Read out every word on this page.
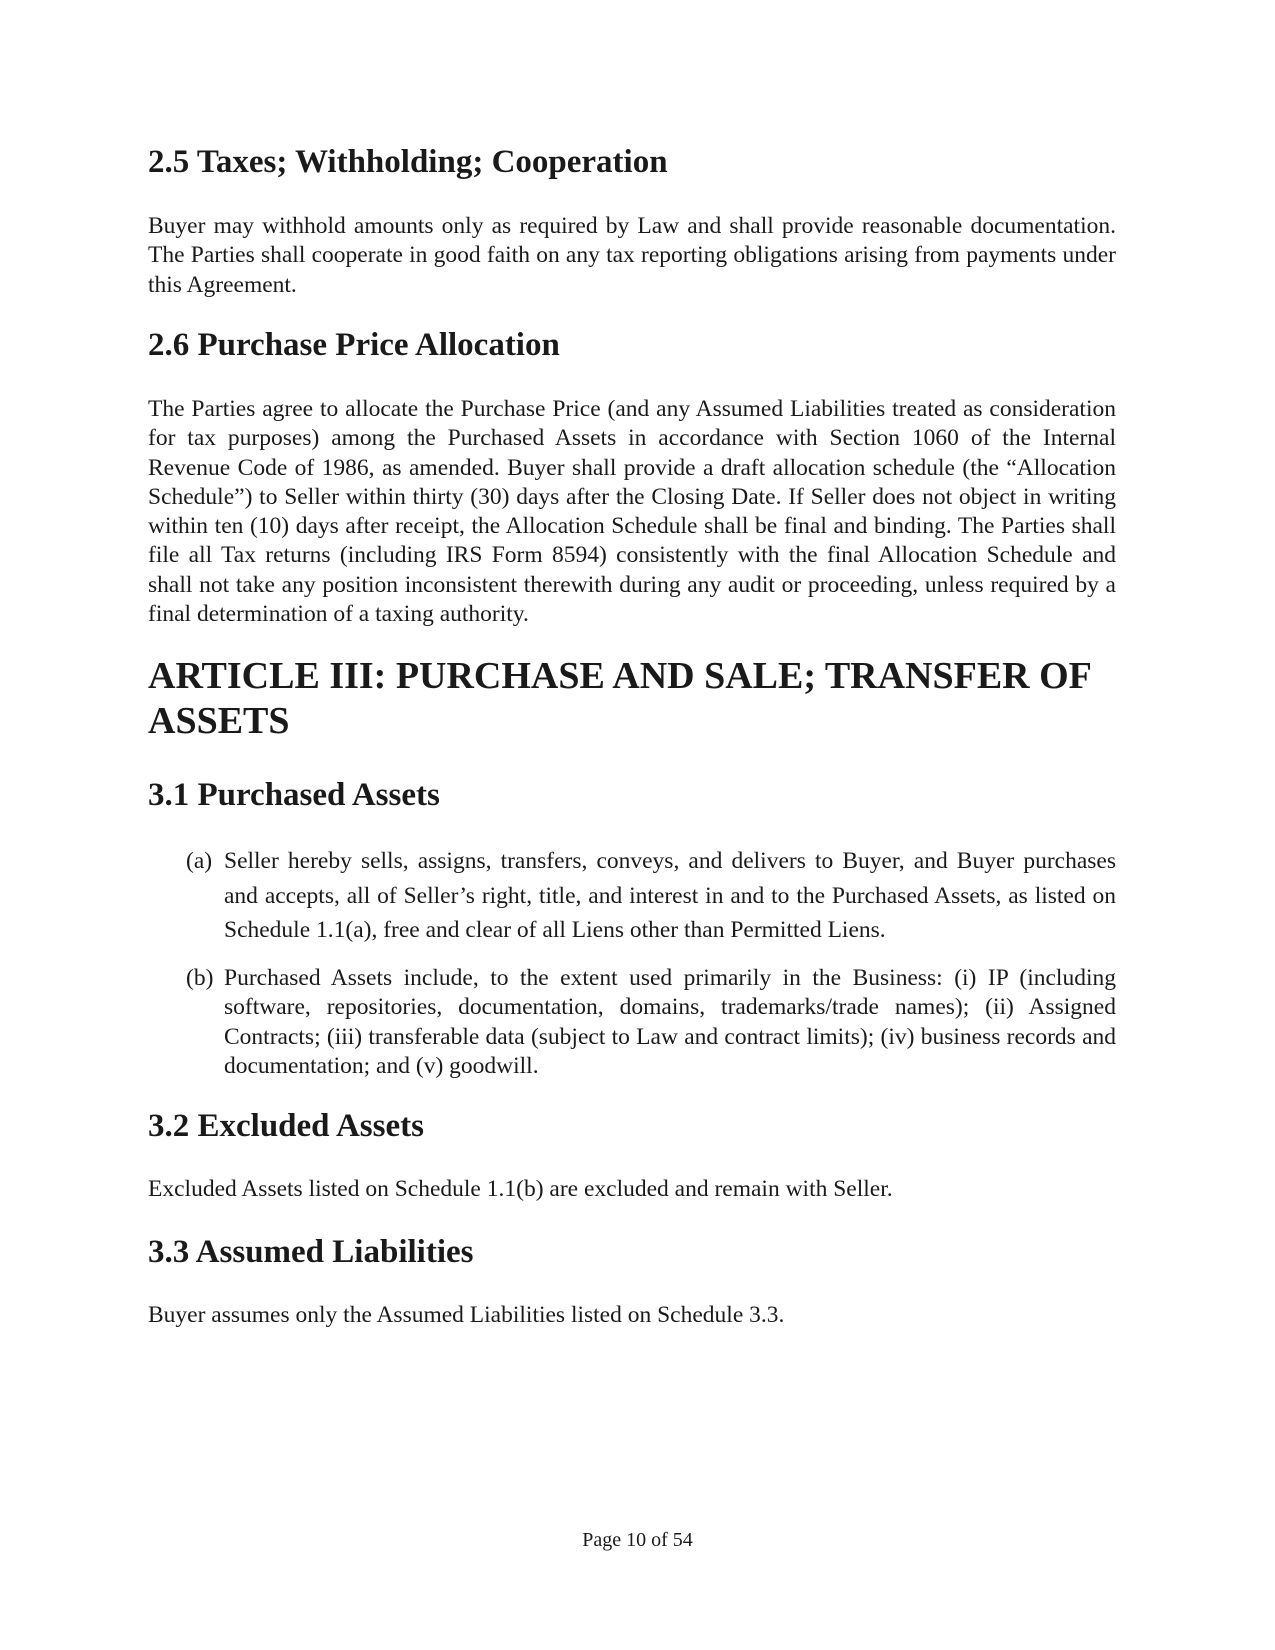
2.5 Taxes; Withholding; Cooperation

Buyer may withhold amounts only as required by Law and shall provide reasonable documentation. The Parties shall cooperate in good faith on any tax reporting obligations arising from payments under this Agreement.

2.6 Purchase Price Allocation

The Parties agree to allocate the Purchase Price (and any Assumed Liabilities treated as consideration for tax purposes) among the Purchased Assets in accordance with Section 1060 of the Internal Revenue Code of 1986, as amended. Buyer shall provide a draft allocation schedule (the “Allocation Schedule”) to Seller within thirty (30) days after the Closing Date. If Seller does not object in writing within ten (10) days after receipt, the Allocation Schedule shall be final and binding. The Parties shall file all Tax returns (including IRS Form 8594) consistently with the final Allocation Schedule and shall not take any position inconsistent therewith during any audit or proceeding, unless required by a final determination of a taxing authority.

ARTICLE III: PURCHASE AND SALE; TRANSFER OF ASSETS
3.1 Purchased Assets
(a) Seller hereby sells, assigns, transfers, conveys, and delivers to Buyer, and Buyer purchases and accepts, all of Seller’s right, title, and interest in and to the Purchased Assets, as listed on Schedule 1.1(a), free and clear of all Liens other than Permitted Liens.
(b) Purchased Assets include, to the extent used primarily in the Business: (i) IP (including software, repositories, documentation, domains, trademarks/trade names); (ii) Assigned Contracts; (iii) transferable data (subject to Law and contract limits); (iv) business records and documentation; and (v) goodwill.
3.2 Excluded Assets

Excluded Assets listed on Schedule 1.1(b) are excluded and remain with Seller.

3.3 Assumed Liabilities

Buyer assumes only the Assumed Liabilities listed on Schedule 3.3.

Page 10 of 54
